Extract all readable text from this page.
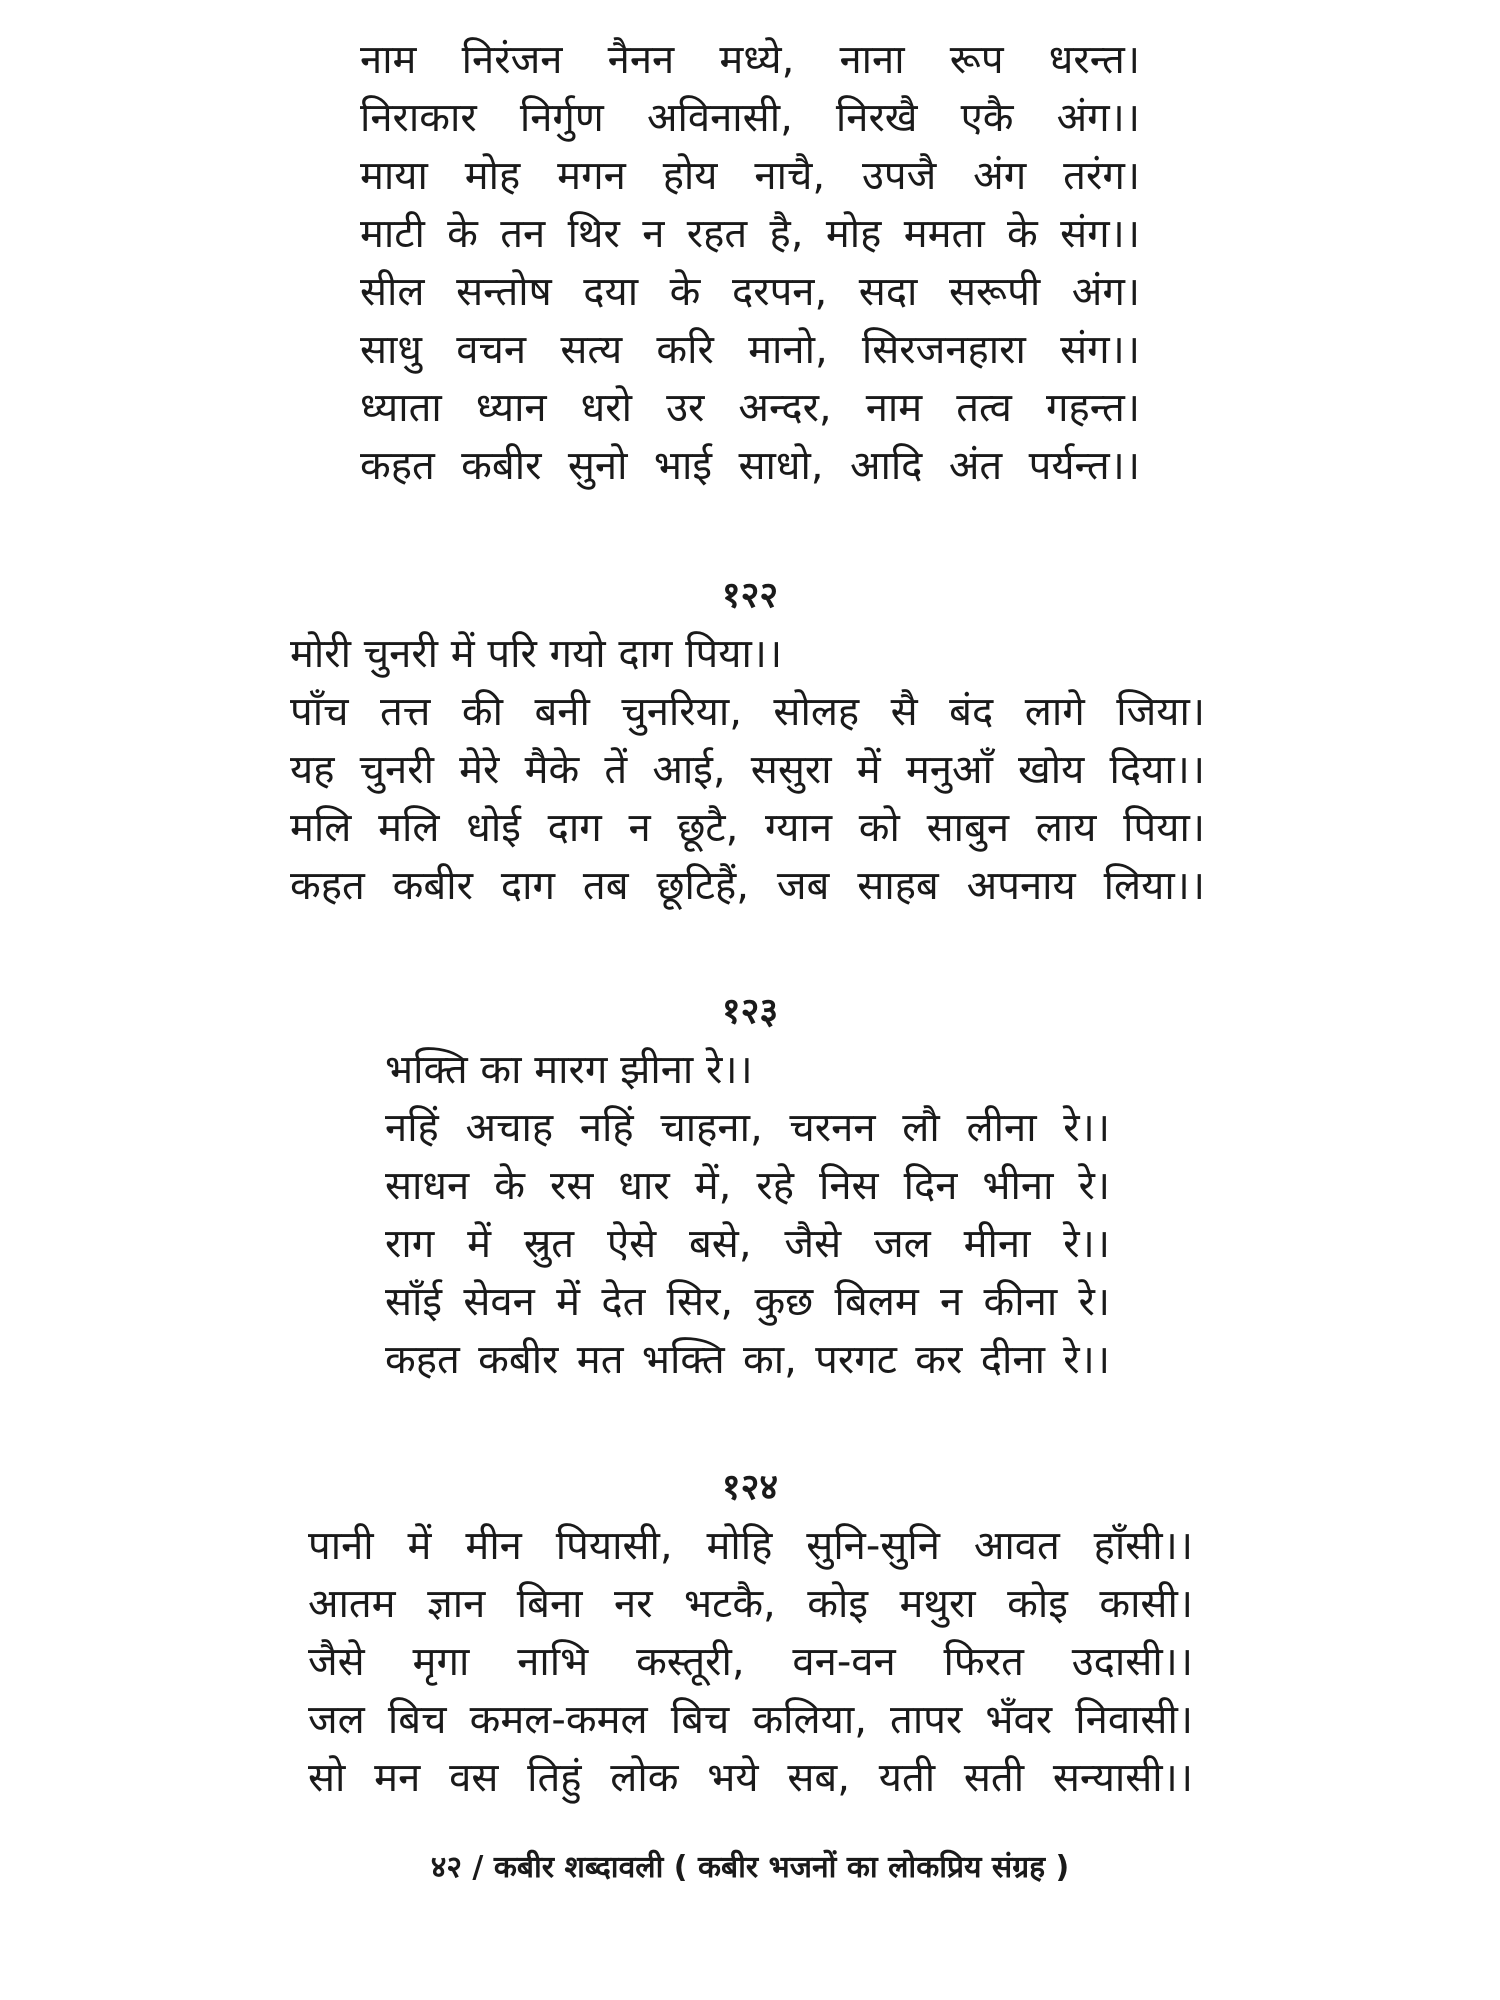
नाम निरंजन नैनन मध्ये, नाना रूप धरन्त।
निराकार निर्गुण अविनासी, निरखै एकै अंग।।
माया मोह मगन होय नाचै, उपजै अंग तरंग।
माटी के तन थिर न रहत है, मोह ममता के संग।।
सील सन्तोष दया के दरपन, सदा सरूपी अंग।
साधु वचन सत्य करि मानो, सिरजनहारा संग।।
ध्याता ध्यान धरो उर अन्दर, नाम तत्व गहन्त।
कहत कबीर सुनो भाई साधो, आदि अंत पर्यन्त।।
१२२
मोरी चुनरी में परि गयो दाग पिया।।
पाँच तत्त की बनी चुनरिया, सोलह सै बंद लागे जिया।
यह चुनरी मेरे मैके तें आई, ससुरा में मनुआँ खोय दिया।।
मलि मलि धोई दाग न छूटै, ग्यान को साबुन लाय पिया।
कहत कबीर दाग तब छूटिहैं, जब साहब अपनाय लिया।।
१२३
भक्ति का मारग झीना रे।।
नहिं अचाह नहिं चाहना, चरनन लौ लीना रे।।
साधन के रस धार में, रहे निस दिन भीना रे।
राग में स्रुत ऐसे बसे, जैसे जल मीना रे।।
साँई सेवन में देत सिर, कुछ बिलम न कीना रे।
कहत कबीर मत भक्ति का, परगट कर दीना रे।।
१२४
पानी में मीन पियासी, मोहि सुनि-सुनि आवत हाँसी।।
आतम ज्ञान बिना नर भटकै, कोइ मथुरा कोइ कासी।
जैसे मृगा नाभि कस्तूरी, वन-वन फिरत उदासी।।
जल बिच कमल-कमल बिच कलिया, तापर भँवर निवासी।
सो मन वस तिहुं लोक भये सब, यती सती सन्यासी।।
४२ / कबीर शब्दावली ( कबीर भजनों का लोकप्रिय संग्रह )
